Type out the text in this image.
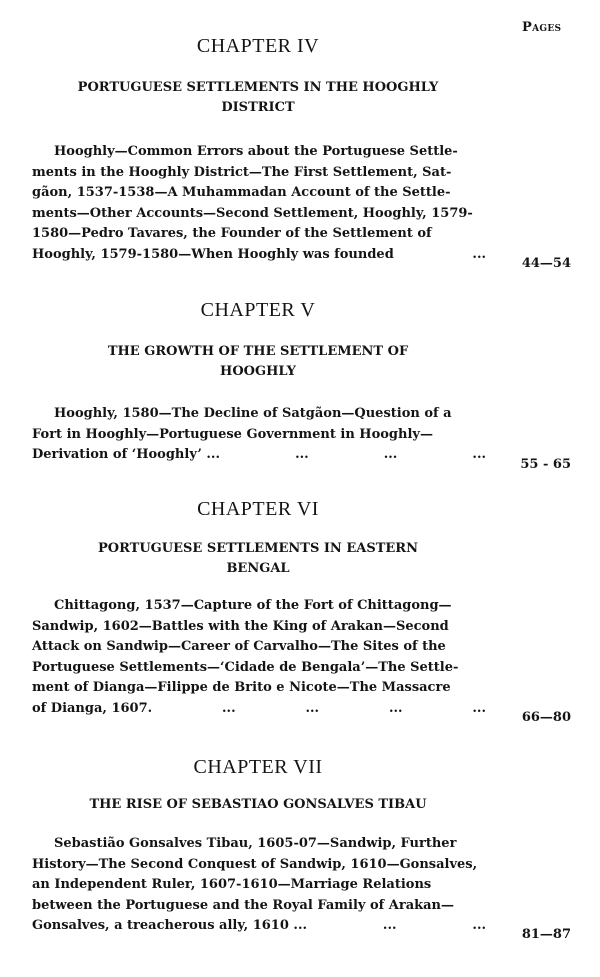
Pages

CHAPTER IV

PORTUGUESE SETTLEMENTS IN THE HOOGHLY

DISTRICT

Hooghly—Common Errors about the Portuguese Settle-
ments in the Hooghly District—The First Settlement, Sat-
gãon, 1537-1538—A Muhammadan Account of the Settle-
ments—Other Accounts—Second Settlement, Hooghly, 1579-
1580—Pedro Tavares, the Founder of the Settlement of
Hooghly, 1579-1580—When Hooghly was founded	...
44—54

CHAPTER V

THE GROWTH OF THE SETTLEMENT OF

HOOGHLY

Hooghly, 1580—The Decline of Satgãon—Question of a
Fort in Hooghly—Portuguese Government in Hooghly—
Derivation of ‘Hooghly’ ...	...	...	...
55 - 65

CHAPTER VI

PORTUGUESE SETTLEMENTS IN EASTERN

BENGAL

Chittagong, 1537—Capture of the Fort of Chittagong—
Sandwip, 1602—Battles with the King of Arakan—Second
Attack on Sandwip—Career of Carvalho—The Sites of the
Portuguese Settlements—‘Cidade de Bengala’—The Settle-
ment of Dianga—Filippe de Brito e Nicote—The Massacre
of Dianga, 1607.	...	...	...	...
66—80

CHAPTER VII

THE RISE OF SEBASTIAO GONSALVES TIBAU

Sebastião Gonsalves Tibau, 1605-07—Sandwip, Further
History—The Second Conquest of Sandwip, 1610—Gonsalves,
an Independent Ruler, 1607-1610—Marriage Relations
between the Portuguese and the Royal Family of Arakan—
Gonsalves, a treacherous ally, 1610 ...	...	...
81—87
